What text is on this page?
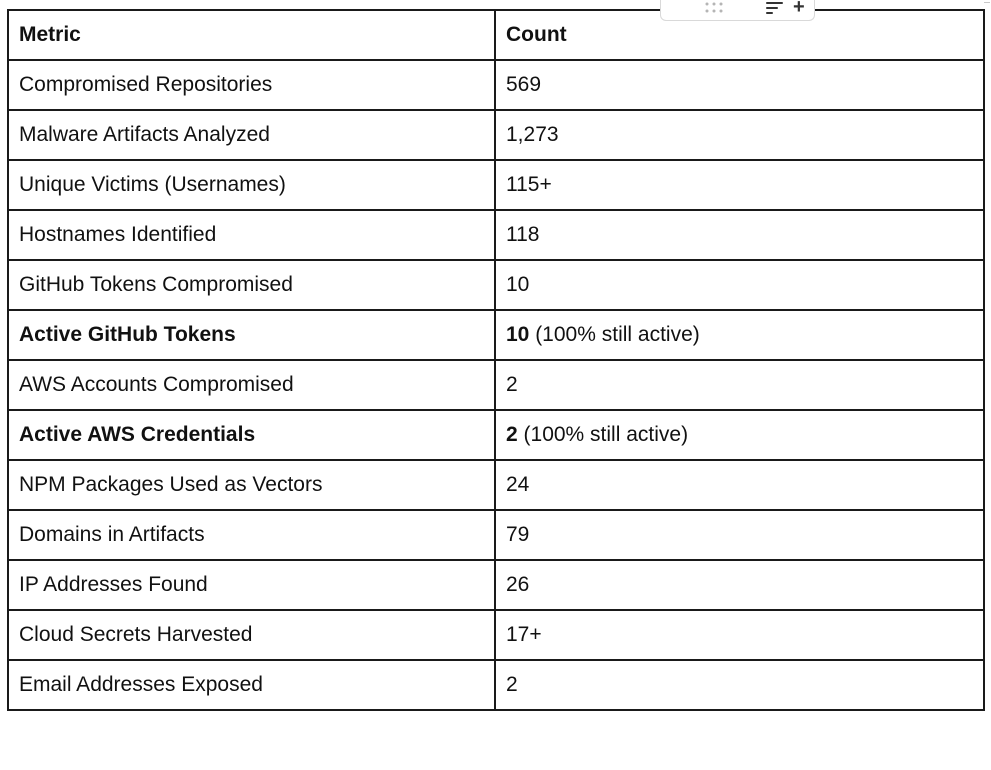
Metric	Count
Compromised Repositories	569
Malware Artifacts Analyzed	1,273
Unique Victims (Usernames)	115+
Hostnames Identified	118
GitHub Tokens Compromised	10
Active GitHub Tokens	10 (100% still active)
AWS Accounts Compromised	2
Active AWS Credentials	2 (100% still active)
NPM Packages Used as Vectors	24
Domains in Artifacts	79
IP Addresses Found	26
Cloud Secrets Harvested	17+
Email Addresses Exposed	2
+
